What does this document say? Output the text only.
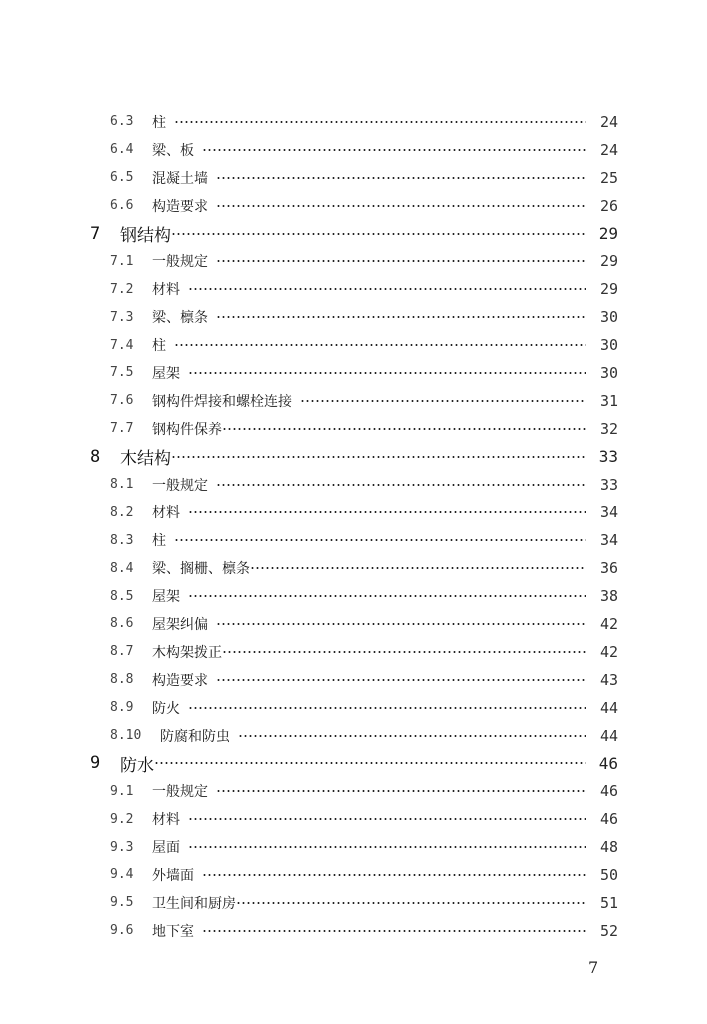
6.3	柱	24
6.4	梁、板	24
6.5	混凝土墙	25
6.6	构造要求	26
7	钢结构	29
7.1	一般规定	29
7.2	材料	29
7.3	梁、檩条	30
7.4	柱	30
7.5	屋架	30
7.6	钢构件焊接和螺栓连接	31
7.7	钢构件保养	32
8	木结构	33
8.1	一般规定	33
8.2	材料	34
8.3	柱	34
8.4	梁、搁栅、檩条	36
8.5	屋架	38
8.6	屋架纠偏	42
8.7	木构架拨正	42
8.8	构造要求	43
8.9	防火	44
8.10	防腐和防虫	44
9	防水	46
9.1	一般规定	46
9.2	材料	46
9.3	屋面	48
9.4	外墙面	50
9.5	卫生间和厨房	51
9.6	地下室	52
7
